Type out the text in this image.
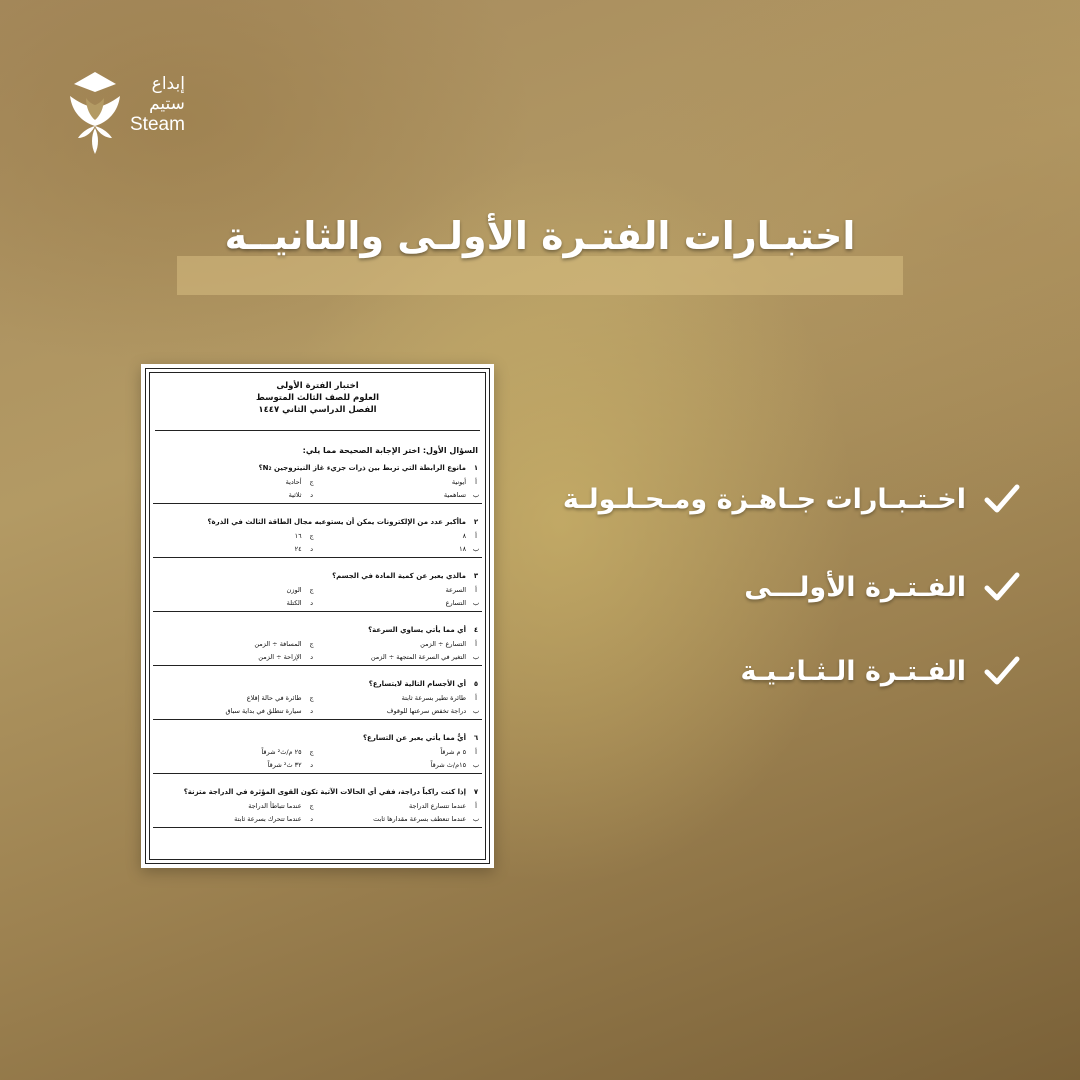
إبداع
ستيم
Steam
اختبـارات الفتـرة الأولـى والثانيــة
اختبار الفترة الأولى
العلوم للصف الثالث المتوسط
الفصل الدراسي الثاني ١٤٤٧
السؤال الأول: اختر الإجابة الصحيحة مما يلي:
١
مانوع الرابطة التي تربط بين ذرات جزيء غاز النيتروجين N₂؟
أ
أيونية
ج
أحادية
ب
تساهمية
د
ثلاثية
٢
ماأكبر عدد من الإلكترونات يمكن أن يستوعبه مجال الطاقة الثالث في الذرة؟
أ
٨
ج
١٦
ب
١٨
د
٢٤
٣
مالذي يعبر عن كمية المادة في الجسم؟
أ
السرعة
ج
الوزن
ب
التسارع
د
الكتلة
٤
أي مما يأتي يساوي السرعة؟
أ
التسارع ÷ الزمن
ج
المسافة ÷ الزمن
ب
التغير في السرعة المتجهة ÷ الزمن
د
الإزاحة ÷ الزمن
٥
أي الأجسام التالية لايتسارع؟
أ
طائرة تطير بسرعة ثابتة
ج
طائرة في حالة إقلاع
ب
دراجة تخفض سرعتها للوقوف
د
سيارة تنطلق في بداية سباق
٦
أيٌّ مما يأتي يعبر عن التسارع؟
أ
٥ م شرقاً
ج
٢٥ م/ث² شرقاً
ب
١٥م/ث شرقاً
د
٣٢ ث² شرقاً
٧
إذا كنت راكباً دراجة، ففي أي الحالات الآتية تكون القوى المؤثرة في الدراجة متزنة؟
أ
عندما تتسارع الدراجة
ج
عندما تتباطأ الدراجة
ب
عندما تنعطف بسرعة مقدارها ثابت
د
عندما تتحرك بسرعة ثابتة
اخـتـبـارات جـاهـزة ومـحـلـولـة
الفـتـرة الأولـــى
الفـتـرة الـثـانـيـة
